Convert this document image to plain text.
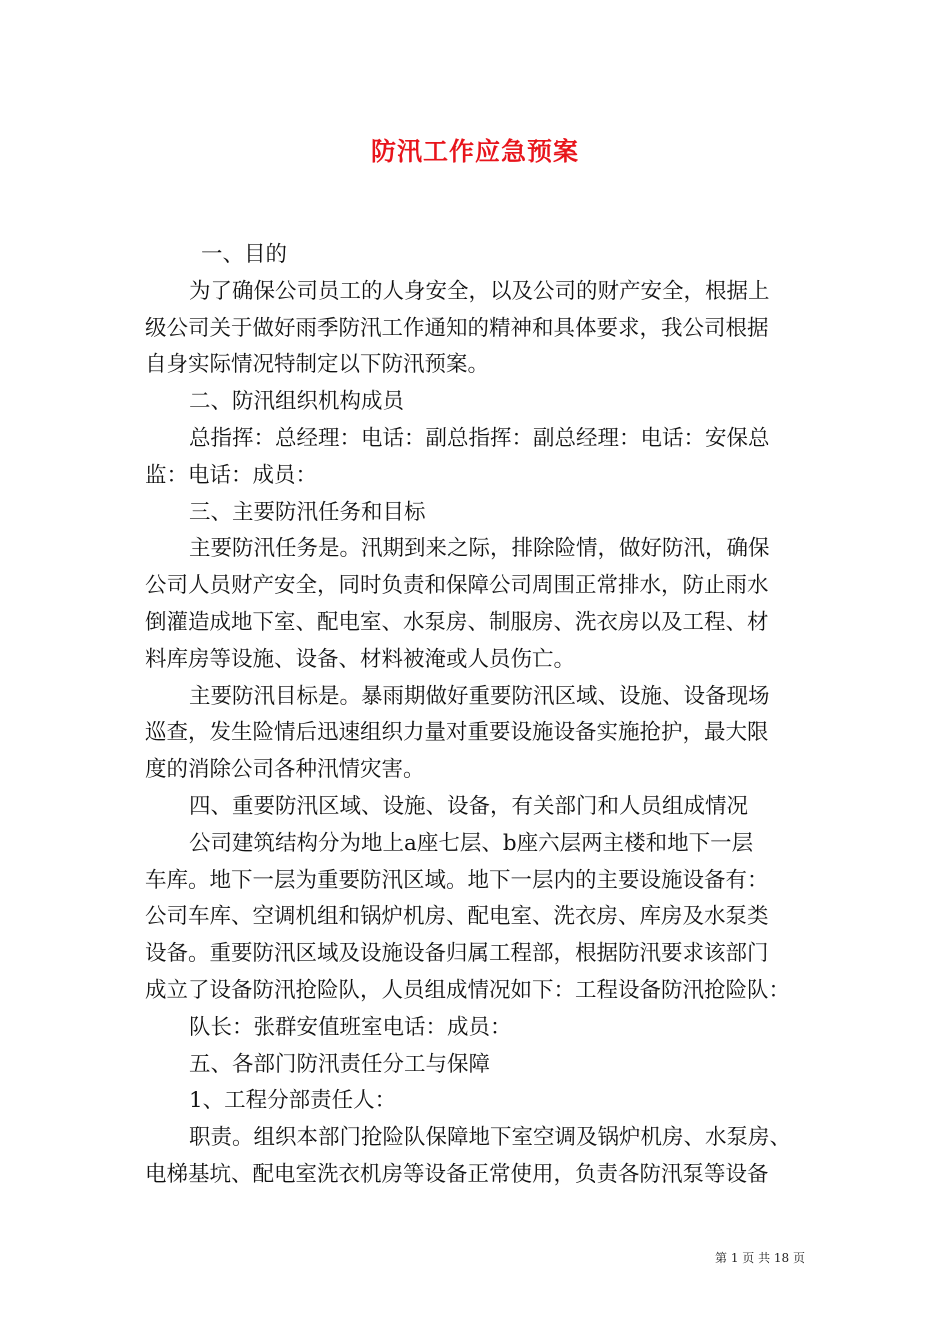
防汛工作应急预案
一、目的
为了确保公司员工的人身安全，以及公司的财产安全，根据上
级公司关于做好雨季防汛工作通知的精神和具体要求，我公司根据
自身实际情况特制定以下防汛预案。
二、防汛组织机构成员
总指挥：总经理：电话：副总指挥：副总经理：电话：安保总
监：电话：成员：
三、主要防汛任务和目标
主要防汛任务是。汛期到来之际，排除险情，做好防汛，确保
公司人员财产安全，同时负责和保障公司周围正常排水，防止雨水
倒灌造成地下室、配电室、水泵房、制服房、洗衣房以及工程、材
料库房等设施、设备、材料被淹或人员伤亡。
主要防汛目标是。暴雨期做好重要防汛区域、设施、设备现场
巡查，发生险情后迅速组织力量对重要设施设备实施抢护，最大限
度的消除公司各种汛情灾害。
四、重要防汛区域、设施、设备，有关部门和人员组成情况
公司建筑结构分为地上a座七层、b座六层两主楼和地下一层
车库。地下一层为重要防汛区域。地下一层内的主要设施设备有：
公司车库、空调机组和锅炉机房、配电室、洗衣房、库房及水泵类
设备。重要防汛区域及设施设备归属工程部，根据防汛要求该部门
成立了设备防汛抢险队，人员组成情况如下：工程设备防汛抢险队：
队长：张群安值班室电话：成员：
五、各部门防汛责任分工与保障
1、工程分部责任人：
职责。组织本部门抢险队保障地下室空调及锅炉机房、水泵房、
电梯基坑、配电室洗衣机房等设备正常使用，负责各防汛泵等设备
第 1 页 共 18 页
